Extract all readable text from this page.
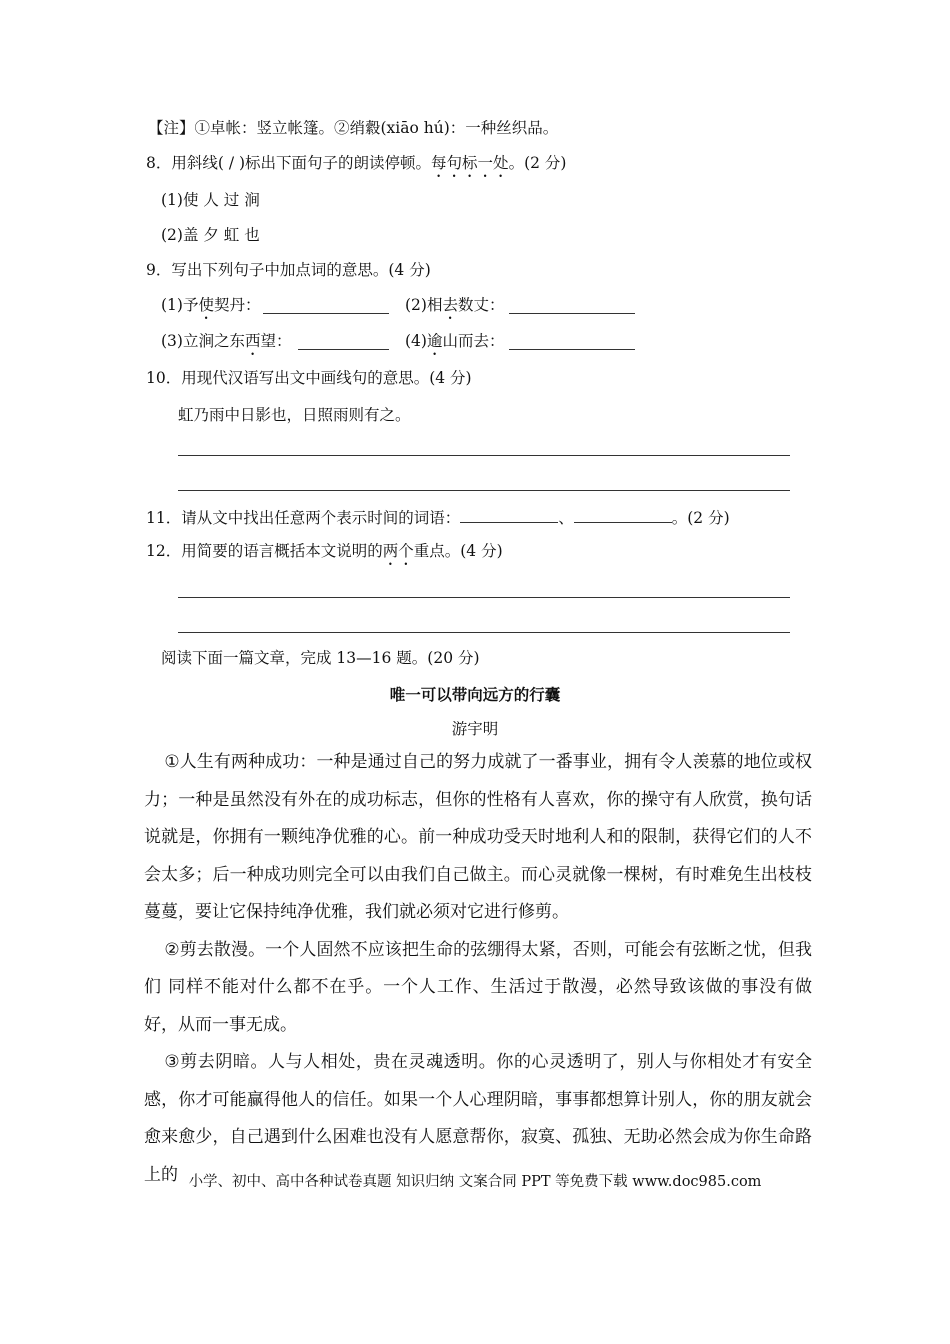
【注】①卓帐：竖立帐篷。②绡縠(xiāo hú)：一种丝织品。
8．用斜线( / )标出下面句子的朗读停顿。每句标一处。(2 分)
(1)使 人 过 涧
(2)盖 夕 虹 也
9．写出下列句子中加点词的意思。(4 分)
(1)予使契丹：	(2)相去数丈：
(3)立涧之东西望：	(4)逾山而去：
10．用现代汉语写出文中画线句的意思。(4 分)
虹乃雨中日影也，日照雨则有之。
11．请从文中找出任意两个表示时间的词语：	、	。(2 分)
12．用简要的语言概括本文说明的两个重点。(4 分)
阅读下面一篇文章，完成 13—16 题。(20 分)
唯一可以带向远方的行囊
游宇明

①人生有两种成功：一种是通过自己的努力成就了一番事业，拥有令人羡慕的地位或权力；一种是虽然没有外在的成功标志，但你的性格有人喜欢，你的操守有人欣赏，换句话说就是，你拥有一颗纯净优雅的心。前一种成功受天时地利人和的限制，获得它们的人不会太多；后一种成功则完全可以由我们自己做主。而心灵就像一棵树，有时难免生出枝枝蔓蔓，要让它保持纯净优雅，我们就必须对它进行修剪。

②剪去散漫。一个人固然不应该把生命的弦绷得太紧，否则，可能会有弦断之忧，但我们 同样不能对什么都不在乎。一个人工作、生活过于散漫，必然导致该做的事没有做好，从而一事无成。

③剪去阴暗。人与人相处，贵在灵魂透明。你的心灵透明了，别人与你相处才有安全感，你才可能赢得他人的信任。如果一个人心理阴暗，事事都想算计别人，你的朋友就会愈来愈少，自己遇到什么困难也没有人愿意帮你，寂寞、孤独、无助必然会成为你生命路上的 小学、初中、高中各种试卷真题 知识归纳 文案合同 PPT 等免费下载 www.doc985.com
